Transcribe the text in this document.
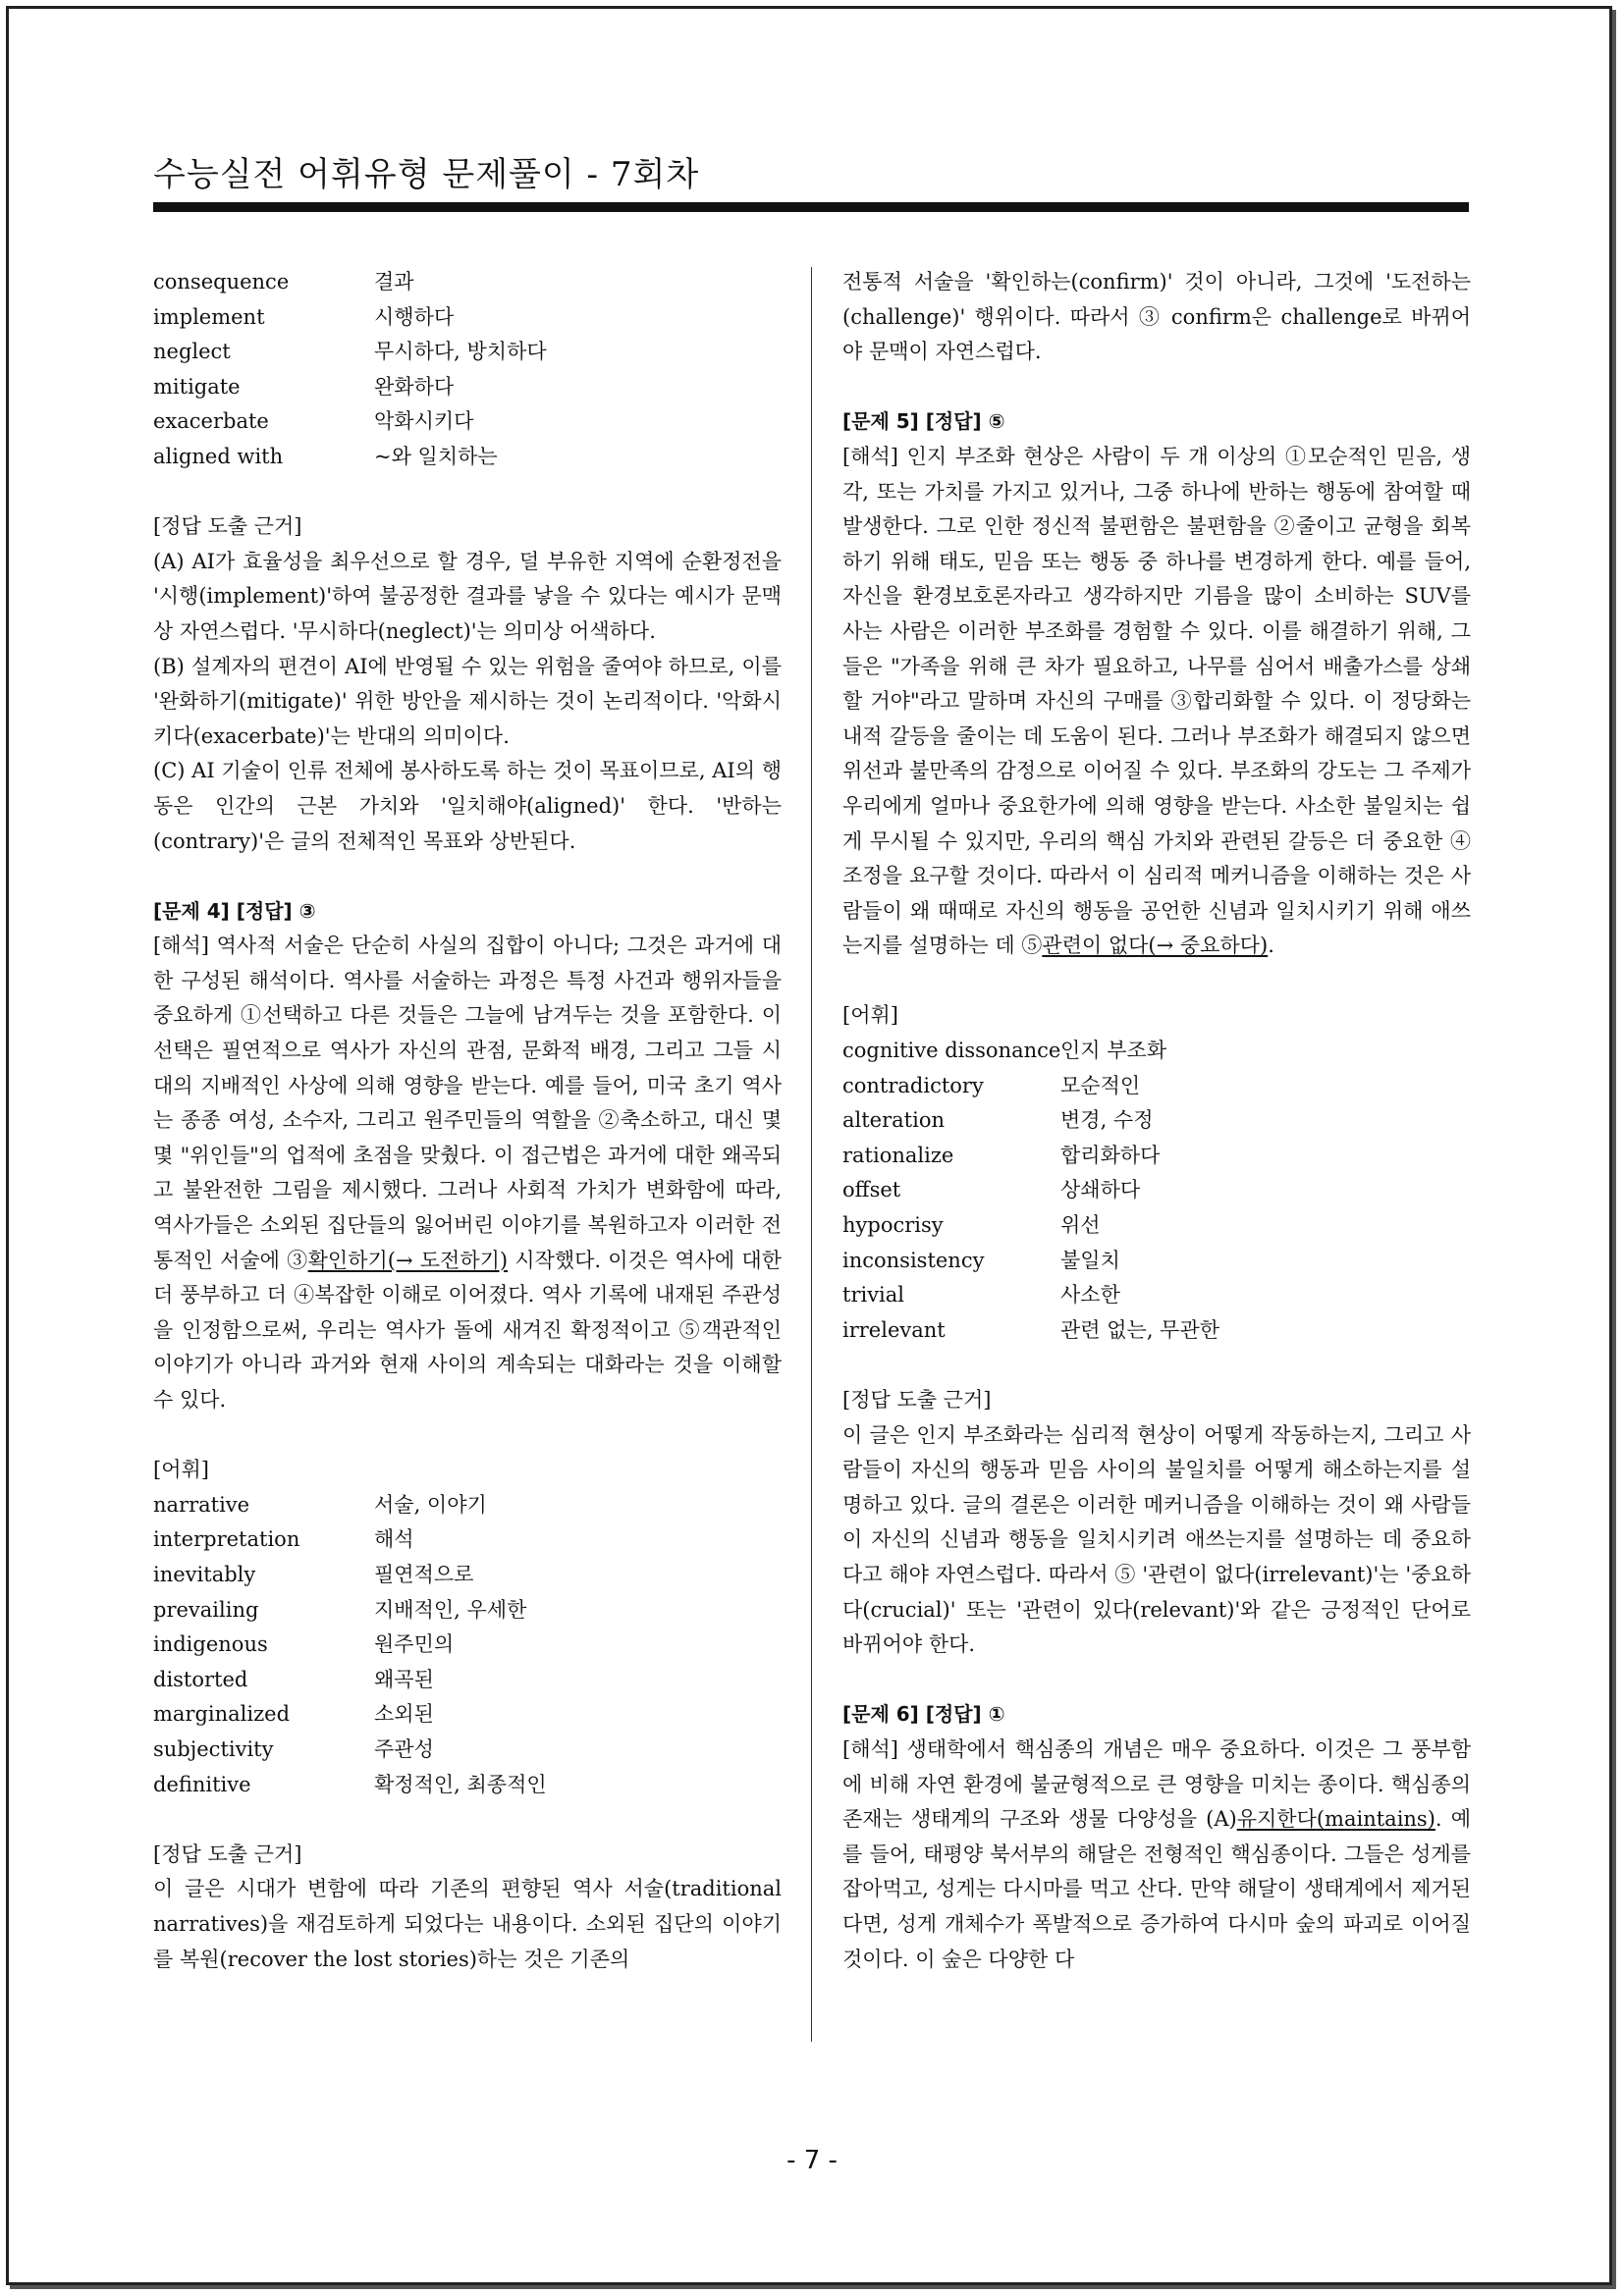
수능실전 어휘유형 문제풀이 - 7회차
consequence	결과
implement	시행하다
neglect	무시하다, 방치하다
mitigate	완화하다
exacerbate	악화시키다
aligned with	~와 일치하는

[정답 도출 근거]

(A) AI가 효율성을 최우선으로 할 경우, 덜 부유한 지역에 순환정전을 '시행(implement)'하여 불공정한 결과를 낳을 수 있다는 예시가 문맥상 자연스럽다. '무시하다(neglect)'는 의미상 어색하다.

(B) 설계자의 편견이 AI에 반영될 수 있는 위험을 줄여야 하므로, 이를 '완화하기(mitigate)' 위한 방안을 제시하는 것이 논리적이다. '악화시키다(exacerbate)'는 반대의 의미이다.

(C) AI 기술이 인류 전체에 봉사하도록 하는 것이 목표이므로, AI의 행동은 인간의 근본 가치와 '일치해야(aligned)' 한다. '반하는(contrary)'은 글의 전체적인 목표와 상반된다.

[문제 4] [정답] ③

[해석] 역사적 서술은 단순히 사실의 집합이 아니다; 그것은 과거에 대한 구성된 해석이다. 역사를 서술하는 과정은 특정 사건과 행위자들을 중요하게 ①선택하고 다른 것들은 그늘에 남겨두는 것을 포함한다. 이 선택은 필연적으로 역사가 자신의 관점, 문화적 배경, 그리고 그들 시대의 지배적인 사상에 의해 영향을 받는다. 예를 들어, 미국 초기 역사는 종종 여성, 소수자, 그리고 원주민들의 역할을 ②축소하고, 대신 몇몇 "위인들"의 업적에 초점을 맞췄다. 이 접근법은 과거에 대한 왜곡되고 불완전한 그림을 제시했다. 그러나 사회적 가치가 변화함에 따라, 역사가들은 소외된 집단들의 잃어버린 이야기를 복원하고자 이러한 전통적인 서술에 ③확인하기(→ 도전하기) 시작했다. 이것은 역사에 대한 더 풍부하고 더 ④복잡한 이해로 이어졌다. 역사 기록에 내재된 주관성을 인정함으로써, 우리는 역사가 돌에 새겨진 확정적이고 ⑤객관적인 이야기가 아니라 과거와 현재 사이의 계속되는 대화라는 것을 이해할 수 있다.

[어휘]

narrative	서술, 이야기
interpretation	해석
inevitably	필연적으로
prevailing	지배적인, 우세한
indigenous	원주민의
distorted	왜곡된
marginalized	소외된
subjectivity	주관성
definitive	확정적인, 최종적인

[정답 도출 근거]

이 글은 시대가 변함에 따라 기존의 편향된 역사 서술(traditional narratives)을 재검토하게 되었다는 내용이다. 소외된 집단의 이야기를 복원(recover the lost stories)하는 것은 기존의

전통적 서술을 '확인하는(confirm)' 것이 아니라, 그것에 '도전하는(challenge)' 행위이다. 따라서 ③ confirm은 challenge로 바뀌어야 문맥이 자연스럽다.

[문제 5] [정답] ⑤

[해석] 인지 부조화 현상은 사람이 두 개 이상의 ①모순적인 믿음, 생각, 또는 가치를 가지고 있거나, 그중 하나에 반하는 행동에 참여할 때 발생한다. 그로 인한 정신적 불편함은 불편함을 ②줄이고 균형을 회복하기 위해 태도, 믿음 또는 행동 중 하나를 변경하게 한다. 예를 들어, 자신을 환경보호론자라고 생각하지만 기름을 많이 소비하는 SUV를 사는 사람은 이러한 부조화를 경험할 수 있다. 이를 해결하기 위해, 그들은 "가족을 위해 큰 차가 필요하고, 나무를 심어서 배출가스를 상쇄할 거야"라고 말하며 자신의 구매를 ③합리화할 수 있다. 이 정당화는 내적 갈등을 줄이는 데 도움이 된다. 그러나 부조화가 해결되지 않으면 위선과 불만족의 감정으로 이어질 수 있다. 부조화의 강도는 그 주제가 우리에게 얼마나 중요한가에 의해 영향을 받는다. 사소한 불일치는 쉽게 무시될 수 있지만, 우리의 핵심 가치와 관련된 갈등은 더 중요한 ④조정을 요구할 것이다. 따라서 이 심리적 메커니즘을 이해하는 것은 사람들이 왜 때때로 자신의 행동을 공언한 신념과 일치시키기 위해 애쓰는지를 설명하는 데 ⑤관련이 없다(→ 중요하다).

[어휘]

cognitive dissonance 인지 부조화
contradictory	모순적인
alteration	변경, 수정
rationalize	합리화하다
offset	상쇄하다
hypocrisy	위선
inconsistency	불일치
trivial	사소한
irrelevant	관련 없는, 무관한

[정답 도출 근거]

이 글은 인지 부조화라는 심리적 현상이 어떻게 작동하는지, 그리고 사람들이 자신의 행동과 믿음 사이의 불일치를 어떻게 해소하는지를 설명하고 있다. 글의 결론은 이러한 메커니즘을 이해하는 것이 왜 사람들이 자신의 신념과 행동을 일치시키려 애쓰는지를 설명하는 데 중요하다고 해야 자연스럽다. 따라서 ⑤ '관련이 없다(irrelevant)'는 '중요하다(crucial)' 또는 '관련이 있다(relevant)'와 같은 긍정적인 단어로 바뀌어야 한다.

[문제 6] [정답] ①

[해석] 생태학에서 핵심종의 개념은 매우 중요하다. 이것은 그 풍부함에 비해 자연 환경에 불균형적으로 큰 영향을 미치는 종이다. 핵심종의 존재는 생태계의 구조와 생물 다양성을 (A)유지한다(maintains). 예를 들어, 태평양 북서부의 해달은 전형적인 핵심종이다. 그들은 성게를 잡아먹고, 성게는 다시마를 먹고 산다. 만약 해달이 생태계에서 제거된다면, 성게 개체수가 폭발적으로 증가하여 다시마 숲의 파괴로 이어질 것이다. 이 숲은 다양한 다

- 7 -
